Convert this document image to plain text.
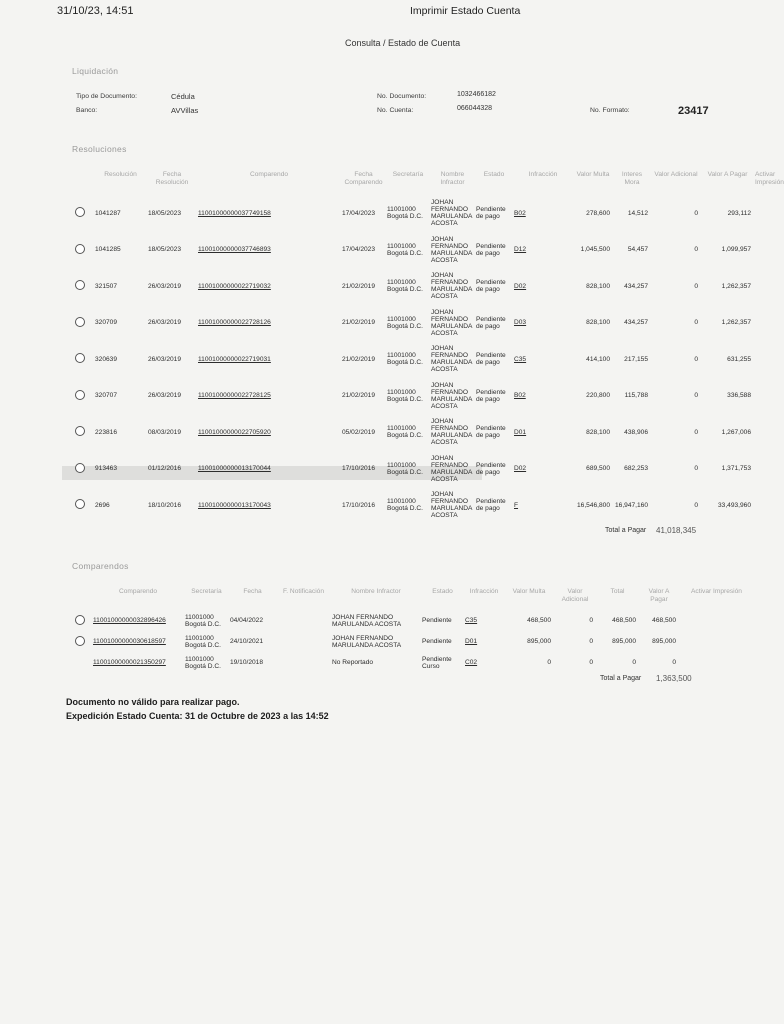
31/10/23, 14:51	Imprimir Estado Cuenta
Consulta / Estado de Cuenta
Liquidación
Tipo de Documento:	Cédula
Banco:	AVVillas
No. Documento:	1032466182
No. Cuenta:	066044328	No. Formato:	23417
Resoluciones
	Resolución	Fecha Resolución	Comparendo	Fecha Comparendo	Secretaría	Nombre Infractor	Estado	Infracción	Valor Multa	Interes Mora	Valor Adicional	Valor A Pagar	Activar Impresión
	1041287	18/05/2023	11001000000037749158	17/04/2023	11001000 Bogotá D.C.	JOHAN FERNANDO MARULANDA ACOSTA	Pendiente de pago	B02	278,600	14,512	0	293,112	
	1041285	18/05/2023	11001000000037746893	17/04/2023	11001000 Bogotá D.C.	JOHAN FERNANDO MARULANDA ACOSTA	Pendiente de pago	D12	1,045,500	54,457	0	1,099,957	
	321507	26/03/2019	11001000000022719032	21/02/2019	11001000 Bogotá D.C.	JOHAN FERNANDO MARULANDA ACOSTA	Pendiente de pago	D02	828,100	434,257	0	1,262,357	
	320709	26/03/2019	11001000000022728126	21/02/2019	11001000 Bogotá D.C.	JOHAN FERNANDO MARULANDA ACOSTA	Pendiente de pago	D03	828,100	434,257	0	1,262,357	
	320639	26/03/2019	11001000000022719031	21/02/2019	11001000 Bogotá D.C.	JOHAN FERNANDO MARULANDA ACOSTA	Pendiente de pago	C35	414,100	217,155	0	631,255	
	320707	26/03/2019	11001000000022728125	21/02/2019	11001000 Bogotá D.C.	JOHAN FERNANDO MARULANDA ACOSTA	Pendiente de pago	B02	220,800	115,788	0	336,588	
	223816	08/03/2019	11001000000022705920	05/02/2019	11001000 Bogotá D.C.	JOHAN FERNANDO MARULANDA ACOSTA	Pendiente de pago	D01	828,100	438,906	0	1,267,006	
	913463	01/12/2016	11001000000013170044	17/10/2016	11001000 Bogotá D.C.	JOHAN FERNANDO MARULANDA ACOSTA	Pendiente de pago	D02	689,500	682,253	0	1,371,753	
	2696	18/10/2016	11001000000013170043	17/10/2016	11001000 Bogotá D.C.	JOHAN FERNANDO MARULANDA ACOSTA	Pendiente de pago	F	16,546,800	16,947,160	0	33,493,960	
Total a Pagar 41,018,345
Comparendos
	Comparendo	Secretaría	Fecha	F. Notificación	Nombre Infractor	Estado	Infracción	Valor Multa	Valor Adicional	Total	Valor A Pagar	Activar Impresión
	11001000000032896426	11001000 Bogotá D.C.	04/04/2022		JOHAN FERNANDO MARULANDA ACOSTA	Pendiente	C35	468,500	0	468,500	468,500	
	11001000000030618597	11001000 Bogotá D.C.	24/10/2021		JOHAN FERNANDO MARULANDA ACOSTA	Pendiente	D01	895,000	0	895,000	895,000	
	11001000000021350297	11001000 Bogotá D.C.	19/10/2018		No Reportado	Pendiente Curso	C02	0	0	0	0	
Total a Pagar 1,363,500
Documento no válido para realizar pago.
Expedición Estado Cuenta: 31 de Octubre de 2023 a las 14:52
